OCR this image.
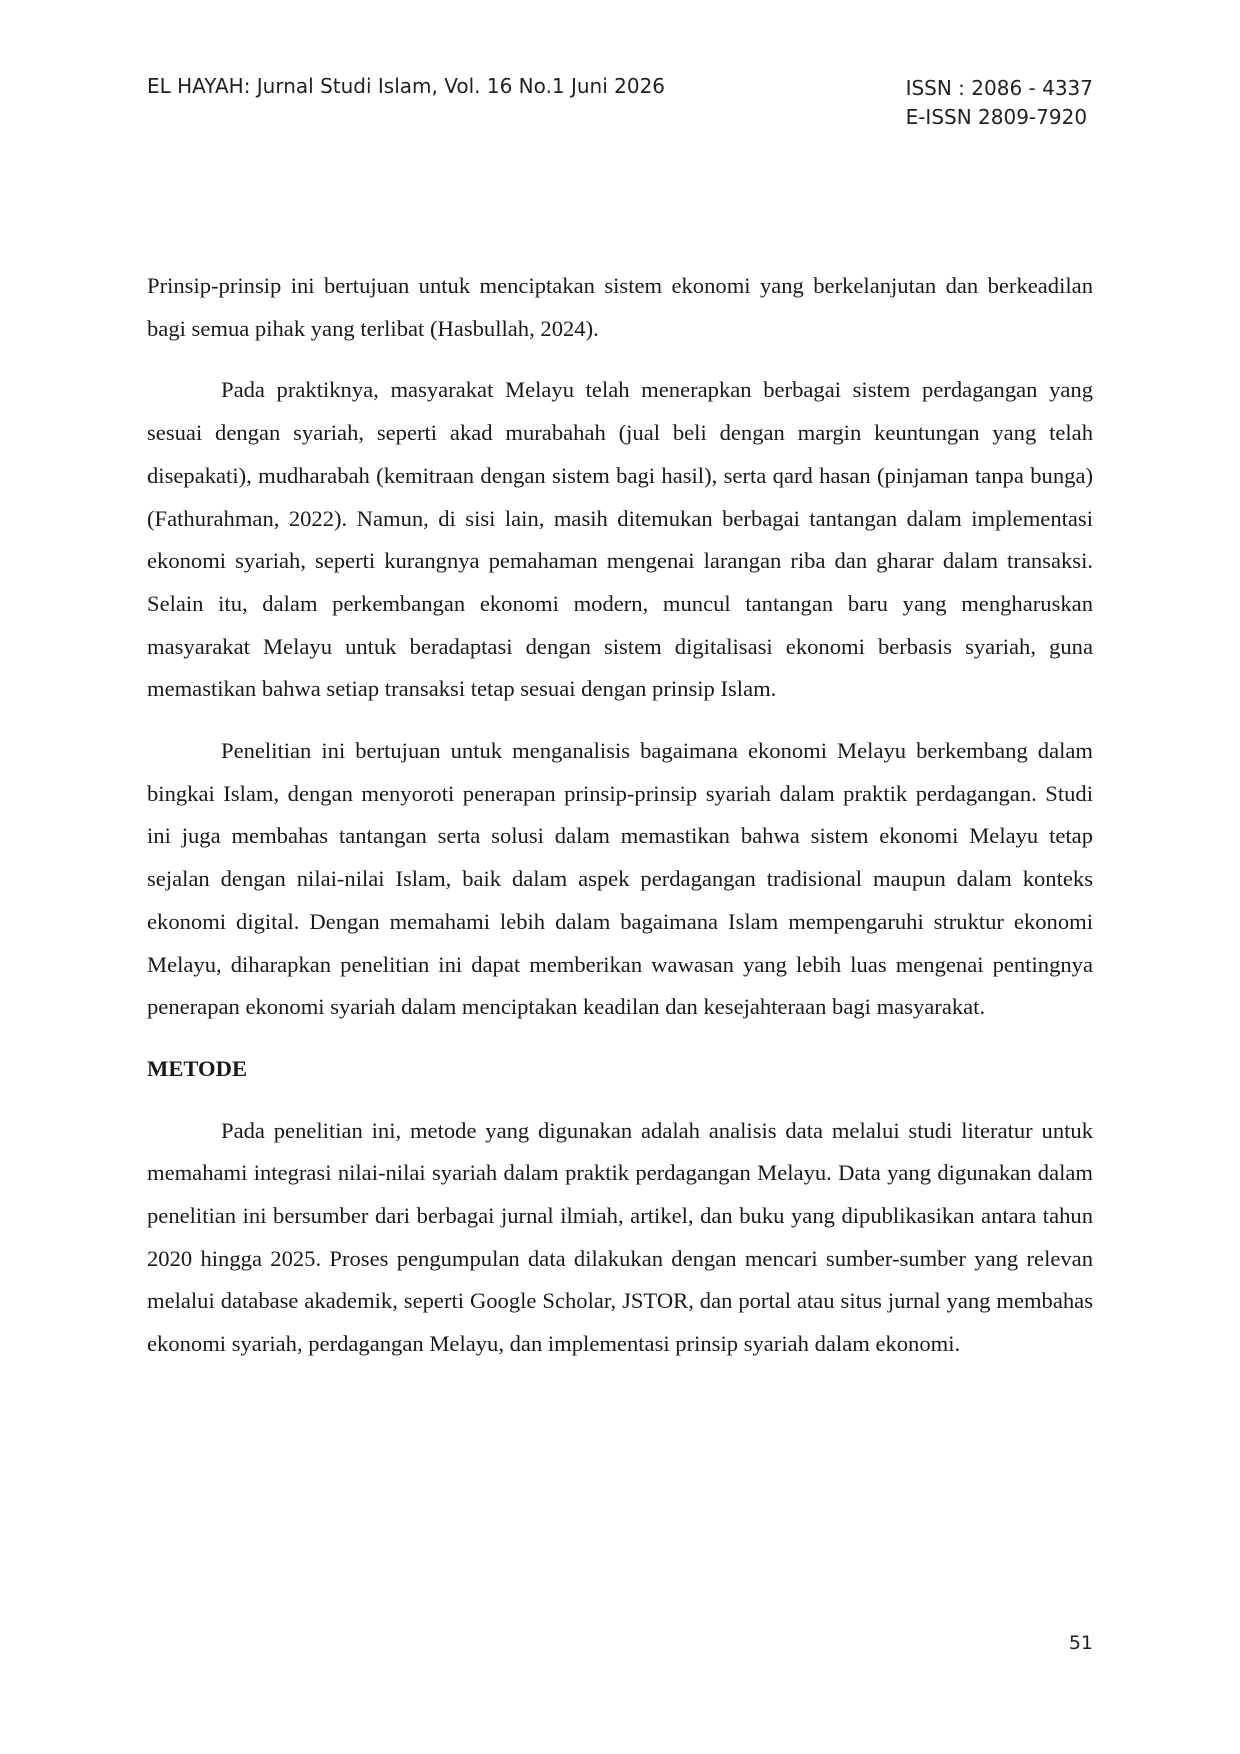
EL HAYAH: Jurnal Studi Islam, Vol. 16 No.1 Juni 2026	ISSN : 2086 - 4337
E-ISSN 2809-7920

Prinsip-prinsip ini bertujuan untuk menciptakan sistem ekonomi yang berkelanjutan dan berkeadilan bagi semua pihak yang terlibat (Hasbullah, 2024).

Pada praktiknya, masyarakat Melayu telah menerapkan berbagai sistem perdagangan yang sesuai dengan syariah, seperti akad murabahah (jual beli dengan margin keuntungan yang telah disepakati), mudharabah (kemitraan dengan sistem bagi hasil), serta qard hasan (pinjaman tanpa bunga) (Fathurahman, 2022). Namun, di sisi lain, masih ditemukan berbagai tantangan dalam implementasi ekonomi syariah, seperti kurangnya pemahaman mengenai larangan riba dan gharar dalam transaksi. Selain itu, dalam perkembangan ekonomi modern, muncul tantangan baru yang mengharuskan masyarakat Melayu untuk beradaptasi dengan sistem digitalisasi ekonomi berbasis syariah, guna memastikan bahwa setiap transaksi tetap sesuai dengan prinsip Islam.

Penelitian ini bertujuan untuk menganalisis bagaimana ekonomi Melayu berkembang dalam bingkai Islam, dengan menyoroti penerapan prinsip-prinsip syariah dalam praktik perdagangan. Studi ini juga membahas tantangan serta solusi dalam memastikan bahwa sistem ekonomi Melayu tetap sejalan dengan nilai-nilai Islam, baik dalam aspek perdagangan tradisional maupun dalam konteks ekonomi digital. Dengan memahami lebih dalam bagaimana Islam mempengaruhi struktur ekonomi Melayu, diharapkan penelitian ini dapat memberikan wawasan yang lebih luas mengenai pentingnya penerapan ekonomi syariah dalam menciptakan keadilan dan kesejahteraan bagi masyarakat.

METODE

Pada penelitian ini, metode yang digunakan adalah analisis data melalui studi literatur untuk memahami integrasi nilai-nilai syariah dalam praktik perdagangan Melayu. Data yang digunakan dalam penelitian ini bersumber dari berbagai jurnal ilmiah, artikel, dan buku yang dipublikasikan antara tahun 2020 hingga 2025. Proses pengumpulan data dilakukan dengan mencari sumber-sumber yang relevan melalui database akademik, seperti Google Scholar, JSTOR, dan portal atau situs jurnal yang membahas ekonomi syariah, perdagangan Melayu, dan implementasi prinsip syariah dalam ekonomi.

51
